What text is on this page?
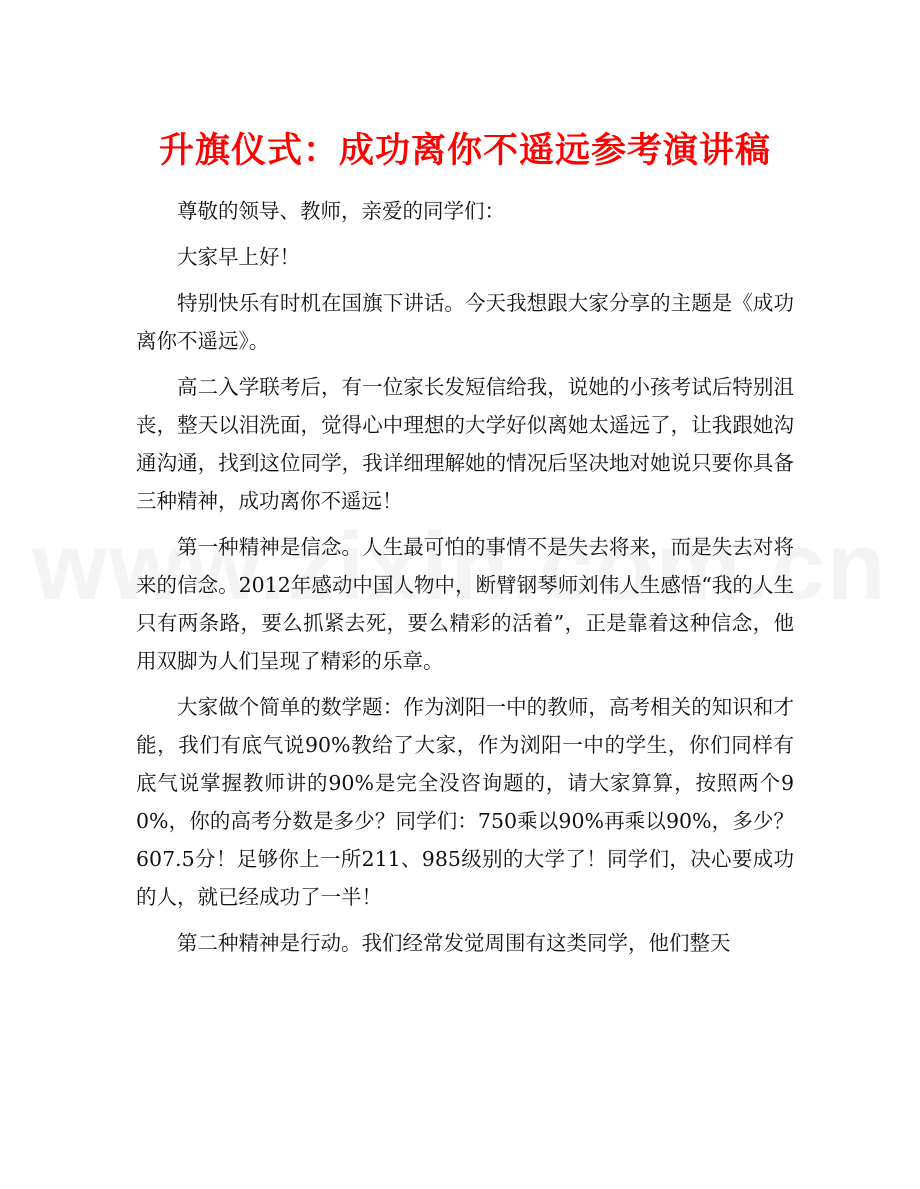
升旗仪式：成功离你不遥远参考演讲稿

尊敬的领导、教师，亲爱的同学们：

大家早上好！

特别快乐有时机在国旗下讲话。今天我想跟大家分享的主题是《成功离你不遥远》。

高二入学联考后，有一位家长发短信给我，说她的小孩考试后特别沮丧，整天以泪洗面，觉得心中理想的大学好似离她太遥远了，让我跟她沟通沟通，找到这位同学，我详细理解她的情况后坚决地对她说只要你具备三种精神，成功离你不遥远！

第一种精神是信念。人生最可怕的事情不是失去将来，而是失去对将来的信念。2012年感动中国人物中，断臂钢琴师刘伟人生感悟“我的人生只有两条路，要么抓紧去死，要么精彩的活着”，正是靠着这种信念，他用双脚为人们呈现了精彩的乐章。

大家做个简单的数学题：作为浏阳一中的教师，高考相关的知识和才能，我们有底气说90%教给了大家，作为浏阳一中的学生，你们同样有底气说掌握教师讲的90%是完全没咨询题的，请大家算算，按照两个90%，你的高考分数是多少？同学们：750乘以90%再乘以90%，多少？607.5分！足够你上一所211、985级别的大学了！同学们，决心要成功的人，就已经成功了一半！

第二种精神是行动。我们经常发觉周围有这类同学，他们整天
